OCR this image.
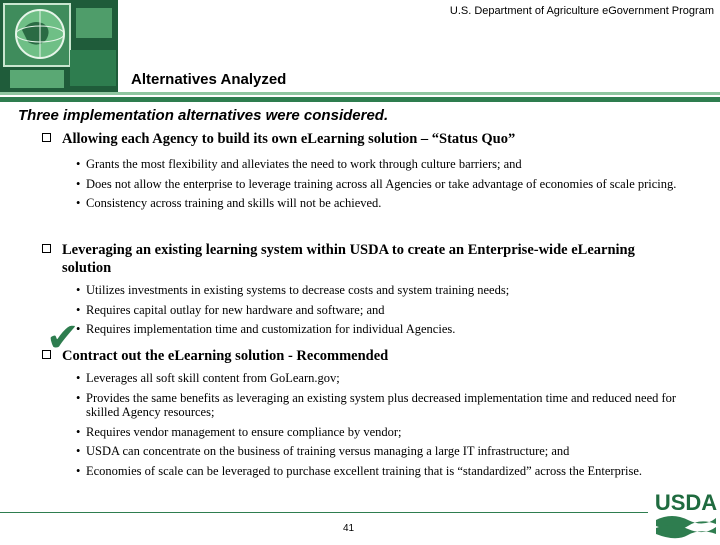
U.S. Department of Agriculture eGovernment Program
Alternatives Analyzed
Three implementation alternatives were considered.
Allowing each Agency to build its own eLearning solution – “Status Quo”
• Grants the most flexibility and alleviates the need to work through culture barriers; and
• Does not allow the enterprise to leverage training across all Agencies or take advantage of economies of scale pricing.
• Consistency across training and skills will not be achieved.
Leveraging an existing learning system within USDA to create an Enterprise-wide eLearning solution
• Utilizes investments in existing systems to decrease costs and system training needs;
• Requires capital outlay for new hardware and software; and
• Requires implementation time and customization for individual Agencies.
✔
Contract out the eLearning solution - Recommended
• Leverages all soft skill content from GoLearn.gov;
• Provides the same benefits as leveraging an existing system plus decreased implementation time and reduced need for skilled Agency resources;
• Requires vendor management to ensure compliance by vendor;
• USDA can concentrate on the business of training versus managing a large IT infrastructure; and
• Economies of scale can be leveraged to purchase excellent training that is “standardized” across the Enterprise.
41
USDA
